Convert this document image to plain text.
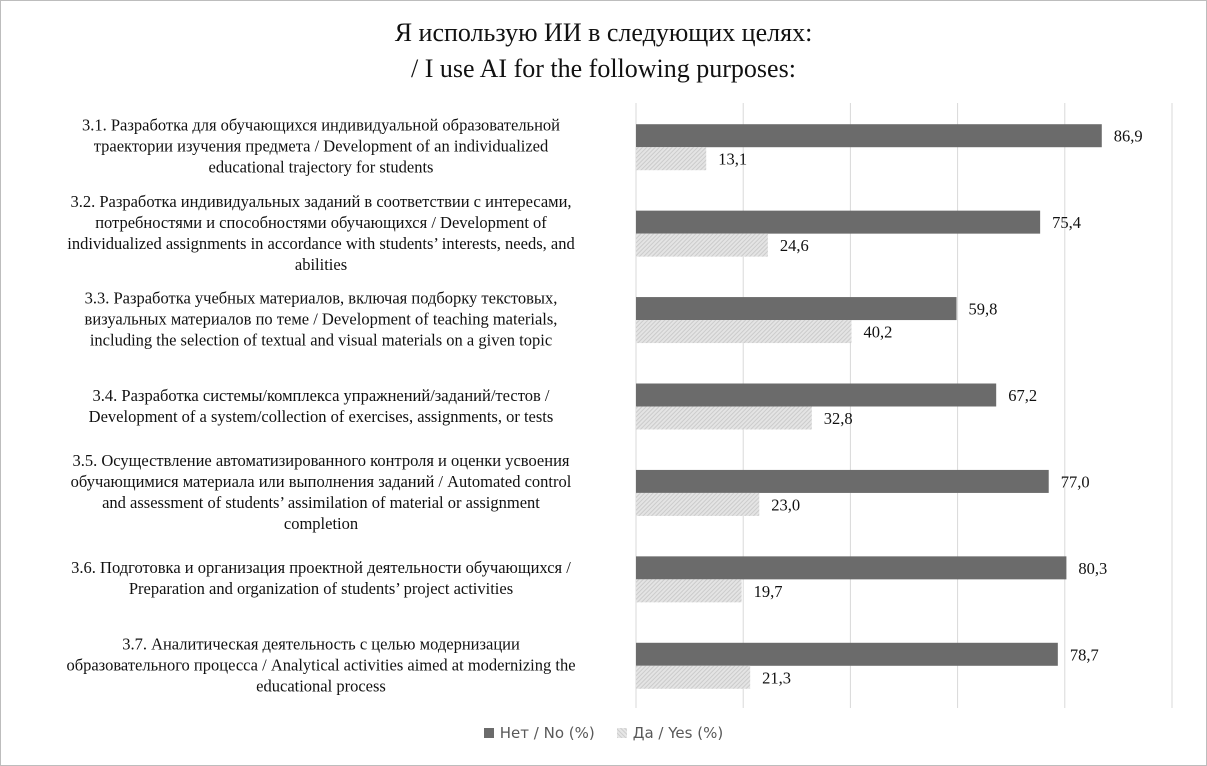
Я использую ИИ в следующих целях:
/ I use AI for the following purposes:
3.1. Разработка для обучающихся индивидуальной образовательной
траектории изучения предмета / Development of an individualized
educational trajectory for students
3.2. Разработка индивидуальных заданий в соответствии с интересами,
потребностями и способностями обучающихся / Development of
individualized assignments in accordance with students’ interests, needs, and
abilities
3.3. Разработка учебных материалов, включая подборку текстовых,
визуальных материалов по теме / Development of teaching materials,
including the selection of textual and visual materials on a given topic
3.4. Разработка системы/комплекса упражнений/заданий/тестов /
Development of a system/collection of exercises, assignments, or tests
3.5. Осуществление автоматизированного контроля и оценки усвоения
обучающимися материала или выполнения заданий / Automated control
and assessment of students’ assimilation of material or assignment
completion
3.6. Подготовка и организация проектной деятельности обучающихся /
Preparation and organization of students’ project activities
3.7. Аналитическая деятельность с целью модернизации
образовательного процесса / Analytical activities aimed at modernizing the
educational process
86,9
13,1
75,4
24,6
59,8
40,2
67,2
32,8
77,0
23,0
80,3
19,7
78,7
21,3
Нет / No (%)	Да / Yes (%)
